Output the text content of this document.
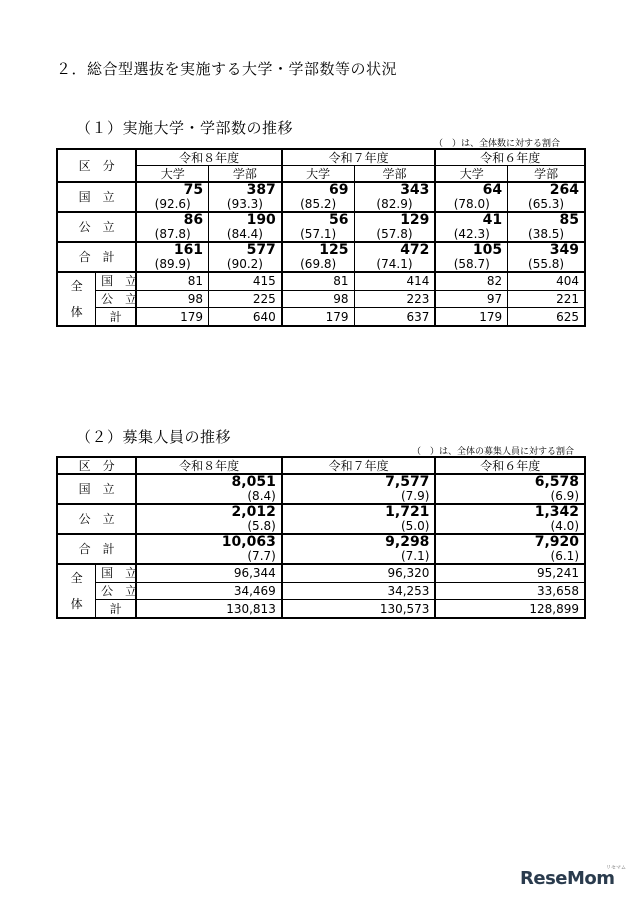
２．総合型選抜を実施する大学・学部数等の状況
（１）実施大学・学部数の推移
（　）は、全体数に対する割合
区　分		令和８年度		令和７年度		令和６年度	
		大学	学部	大学	学部	大学	学部
国　立		75	387	69	343	64	264
		(92.6)	(93.3)	(85.2)	(82.9)	(78.0)	(65.3)
公　立		86	190	56	129	41	85
		(87.8)	(84.4)	(57.1)	(57.8)	(42.3)	(38.5)
合　計		161	577	125	472	105	349
		(89.9)	(90.2)	(69.8)	(74.1)	(58.7)	(55.8)

全
体	国　立	81	415	81	414	82	404
	公　立	98	225	98	223	97	221
	計	179	640	179	637	179	625
（２）募集人員の推移
（　）は、全体の募集人員に対する割合
区　分		令和８年度	令和７年度	令和６年度
国　立		8,051	7,577	6,578
		(8.4)	(7.9)	(6.9)
公　立		2,012	1,721	1,342
		(5.8)	(5.0)	(4.0)
合　計		10,063	9,298	7,920
		(7.7)	(7.1)	(6.1)

全
体	国　立	96,344	96,320	95,241
	公　立	34,469	34,253	33,658
	計	130,813	130,573	128,899
リセマム
ReseMom
